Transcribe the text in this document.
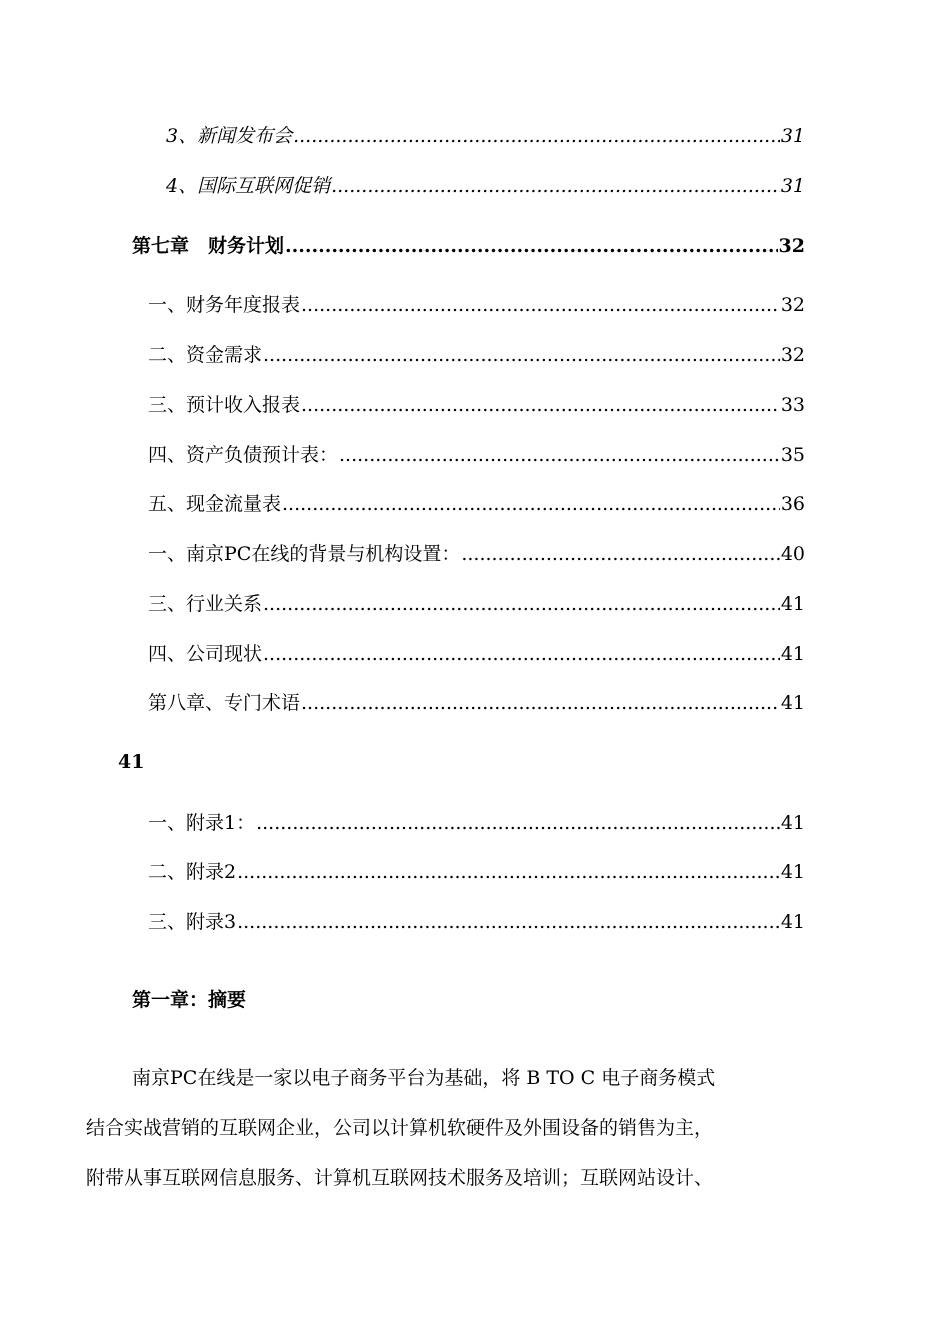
3、新闻发布会 .....	31
4、国际互联网促销 .....	31
第七章　财务计划 .....	32
一、财务年度报表 .....	32
二、资金需求 .....	32
三、预计收入报表 .....	33
四、资产负债预计表： .....	35
五、现金流量表 .....	36
一、南京PC在线的背景与机构设置： .....	40
三、行业关系 .....	41
四、公司现状 .....	41
第八章、专门术语 .....	41
41
一、附录1： .....	41
二、附录2 .....	41
三、附录3 .....	41
第一章：摘要
南京PC在线是一家以电子商务平台为基础，将 B TO C 电子商务模式
结合实战营销的互联网企业，公司以计算机软硬件及外围设备的销售为主，
附带从事互联网信息服务、计算机互联网技术服务及培训；互联网站设计、
